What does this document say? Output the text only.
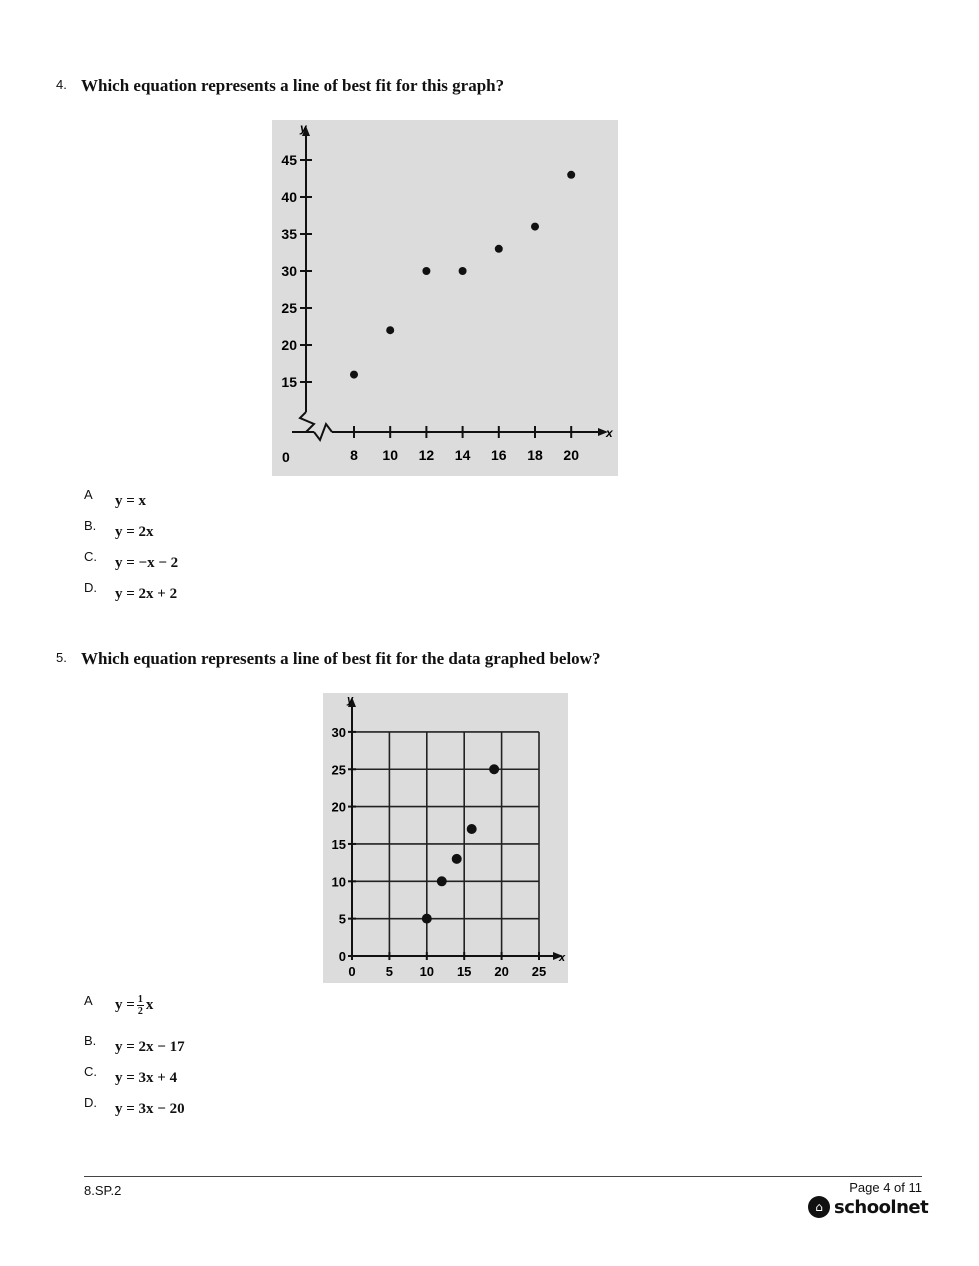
4. Which equation represents a line of best fit for this graph?
y
x
0
15
20
25
30
35
40
45
8 10 12 14 16 18 20
A y = x
B. y = 2x
C. y = −x − 2
D. y = 2x + 2
5. Which equation represents a line of best fit for the data graphed below?
y
x
0
5
10
15
20
25
30
0 5 10 15 20 25
A $y = \frac{1}{2}$ x
B. y = 2x − 17
C. y = 3x + 4
D. y = 3x − 20
8.SP.2	Page 4 of 11
⌂ schoolnet
